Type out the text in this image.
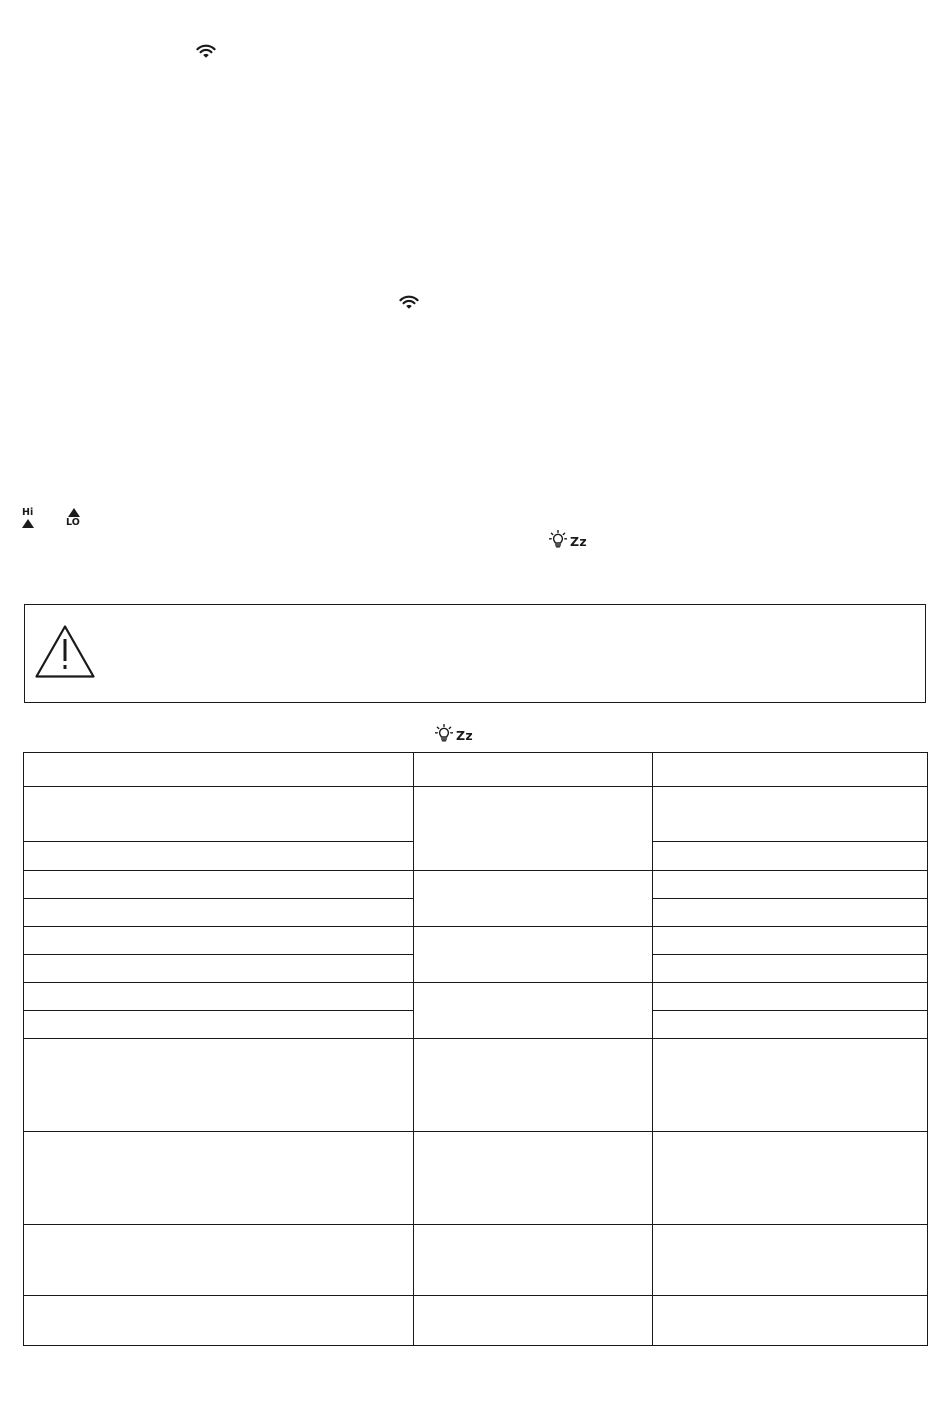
Hi
LO
Zz
Zz
